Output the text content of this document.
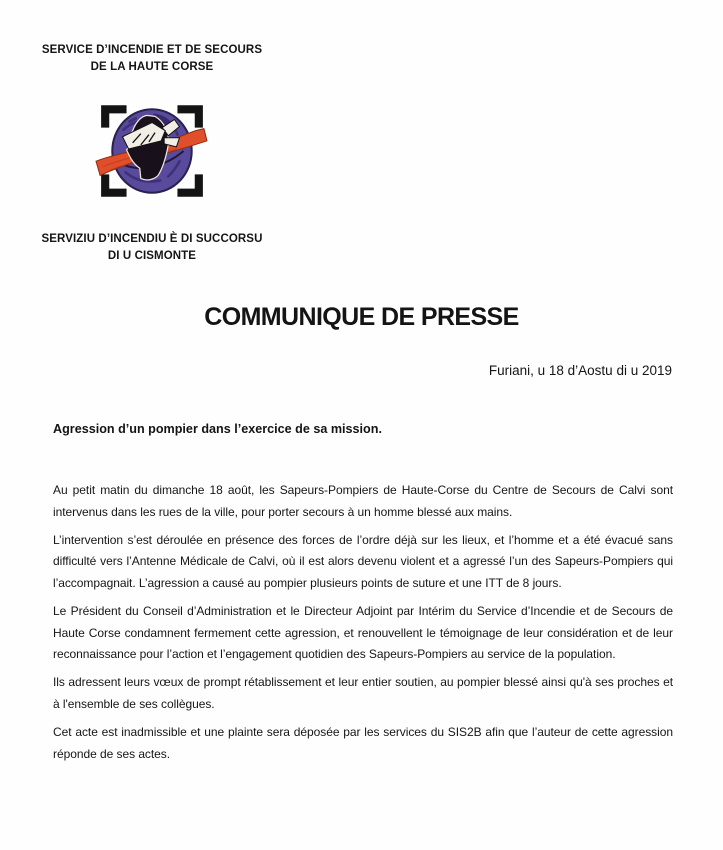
SERVICE D’INCENDIE ET DE SECOURS
DE LA HAUTE CORSE
SERVIZIU D’INCENDIU È DI SUCCORSU
DI U CISMONTE
COMMUNIQUE DE PRESSE
Furiani, u 18 d’Aostu di u 2019
Agression d’un pompier dans l’exercice de sa mission.

Au petit matin du dimanche 18 août, les Sapeurs-Pompiers de Haute-Corse du Centre de Secours de Calvi sont intervenus dans les rues de la ville, pour porter secours à un homme blessé aux mains.

L’intervention s’est déroulée en présence des forces de l’ordre déjà sur les lieux, et l’homme et a été évacué sans difficulté vers l’Antenne Médicale de Calvi, où il est alors devenu violent et a agressé l’un des Sapeurs-Pompiers qui l’accompagnait. L’agression a causé au pompier plusieurs points de suture et une ITT de 8 jours.

Le Président du Conseil d’Administration et le Directeur Adjoint par Intérim du Service d’Incendie et de Secours de Haute Corse condamnent fermement cette agression, et renouvellent le témoignage de leur considération et de leur reconnaissance pour l’action et l’engagement quotidien des Sapeurs-Pompiers au service de la population.

Ils adressent leurs vœux de prompt rétablissement et leur entier soutien, au pompier blessé ainsi qu'à ses proches et à l'ensemble de ses collègues.

Cet acte est inadmissible et une plainte sera déposée par les services du SIS2B afin que l’auteur de cette agression réponde de ses actes.
